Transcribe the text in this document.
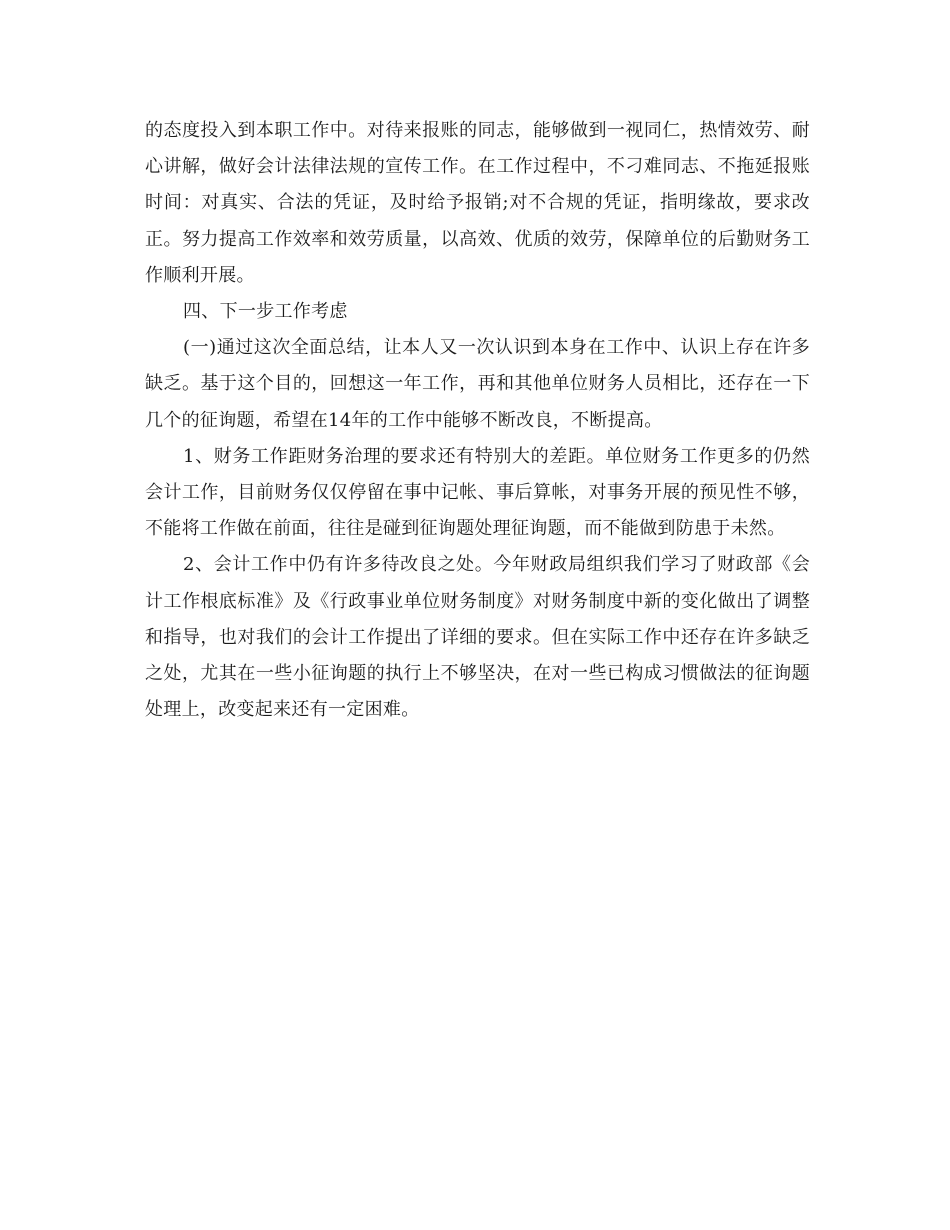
的态度投入到本职工作中。对待来报账的同志，能够做到一视同仁，热情效劳、耐心讲解，做好会计法律法规的宣传工作。在工作过程中，不刁难同志、不拖延报账时间：对真实、合法的凭证，及时给予报销;对不合规的凭证，指明缘故，要求改正。努力提高工作效率和效劳质量，以高效、优质的效劳，保障单位的后勤财务工作顺利开展。

四、下一步工作考虑

(一)通过这次全面总结，让本人又一次认识到本身在工作中、认识上存在许多缺乏。基于这个目的，回想这一年工作，再和其他单位财务人员相比，还存在一下几个的征询题，希望在14年的工作中能够不断改良，不断提高。

1、财务工作距财务治理的要求还有特别大的差距。单位财务工作更多的仍然会计工作，目前财务仅仅停留在事中记帐、事后算帐，对事务开展的预见性不够，不能将工作做在前面，往往是碰到征询题处理征询题，而不能做到防患于未然。

2、会计工作中仍有许多待改良之处。今年财政局组织我们学习了财政部《会计工作根底标准》及《行政事业单位财务制度》对财务制度中新的变化做出了调整和指导，也对我们的会计工作提出了详细的要求。但在实际工作中还存在许多缺乏之处，尤其在一些小征询题的执行上不够坚决，在对一些已构成习惯做法的征询题处理上，改变起来还有一定困难。
